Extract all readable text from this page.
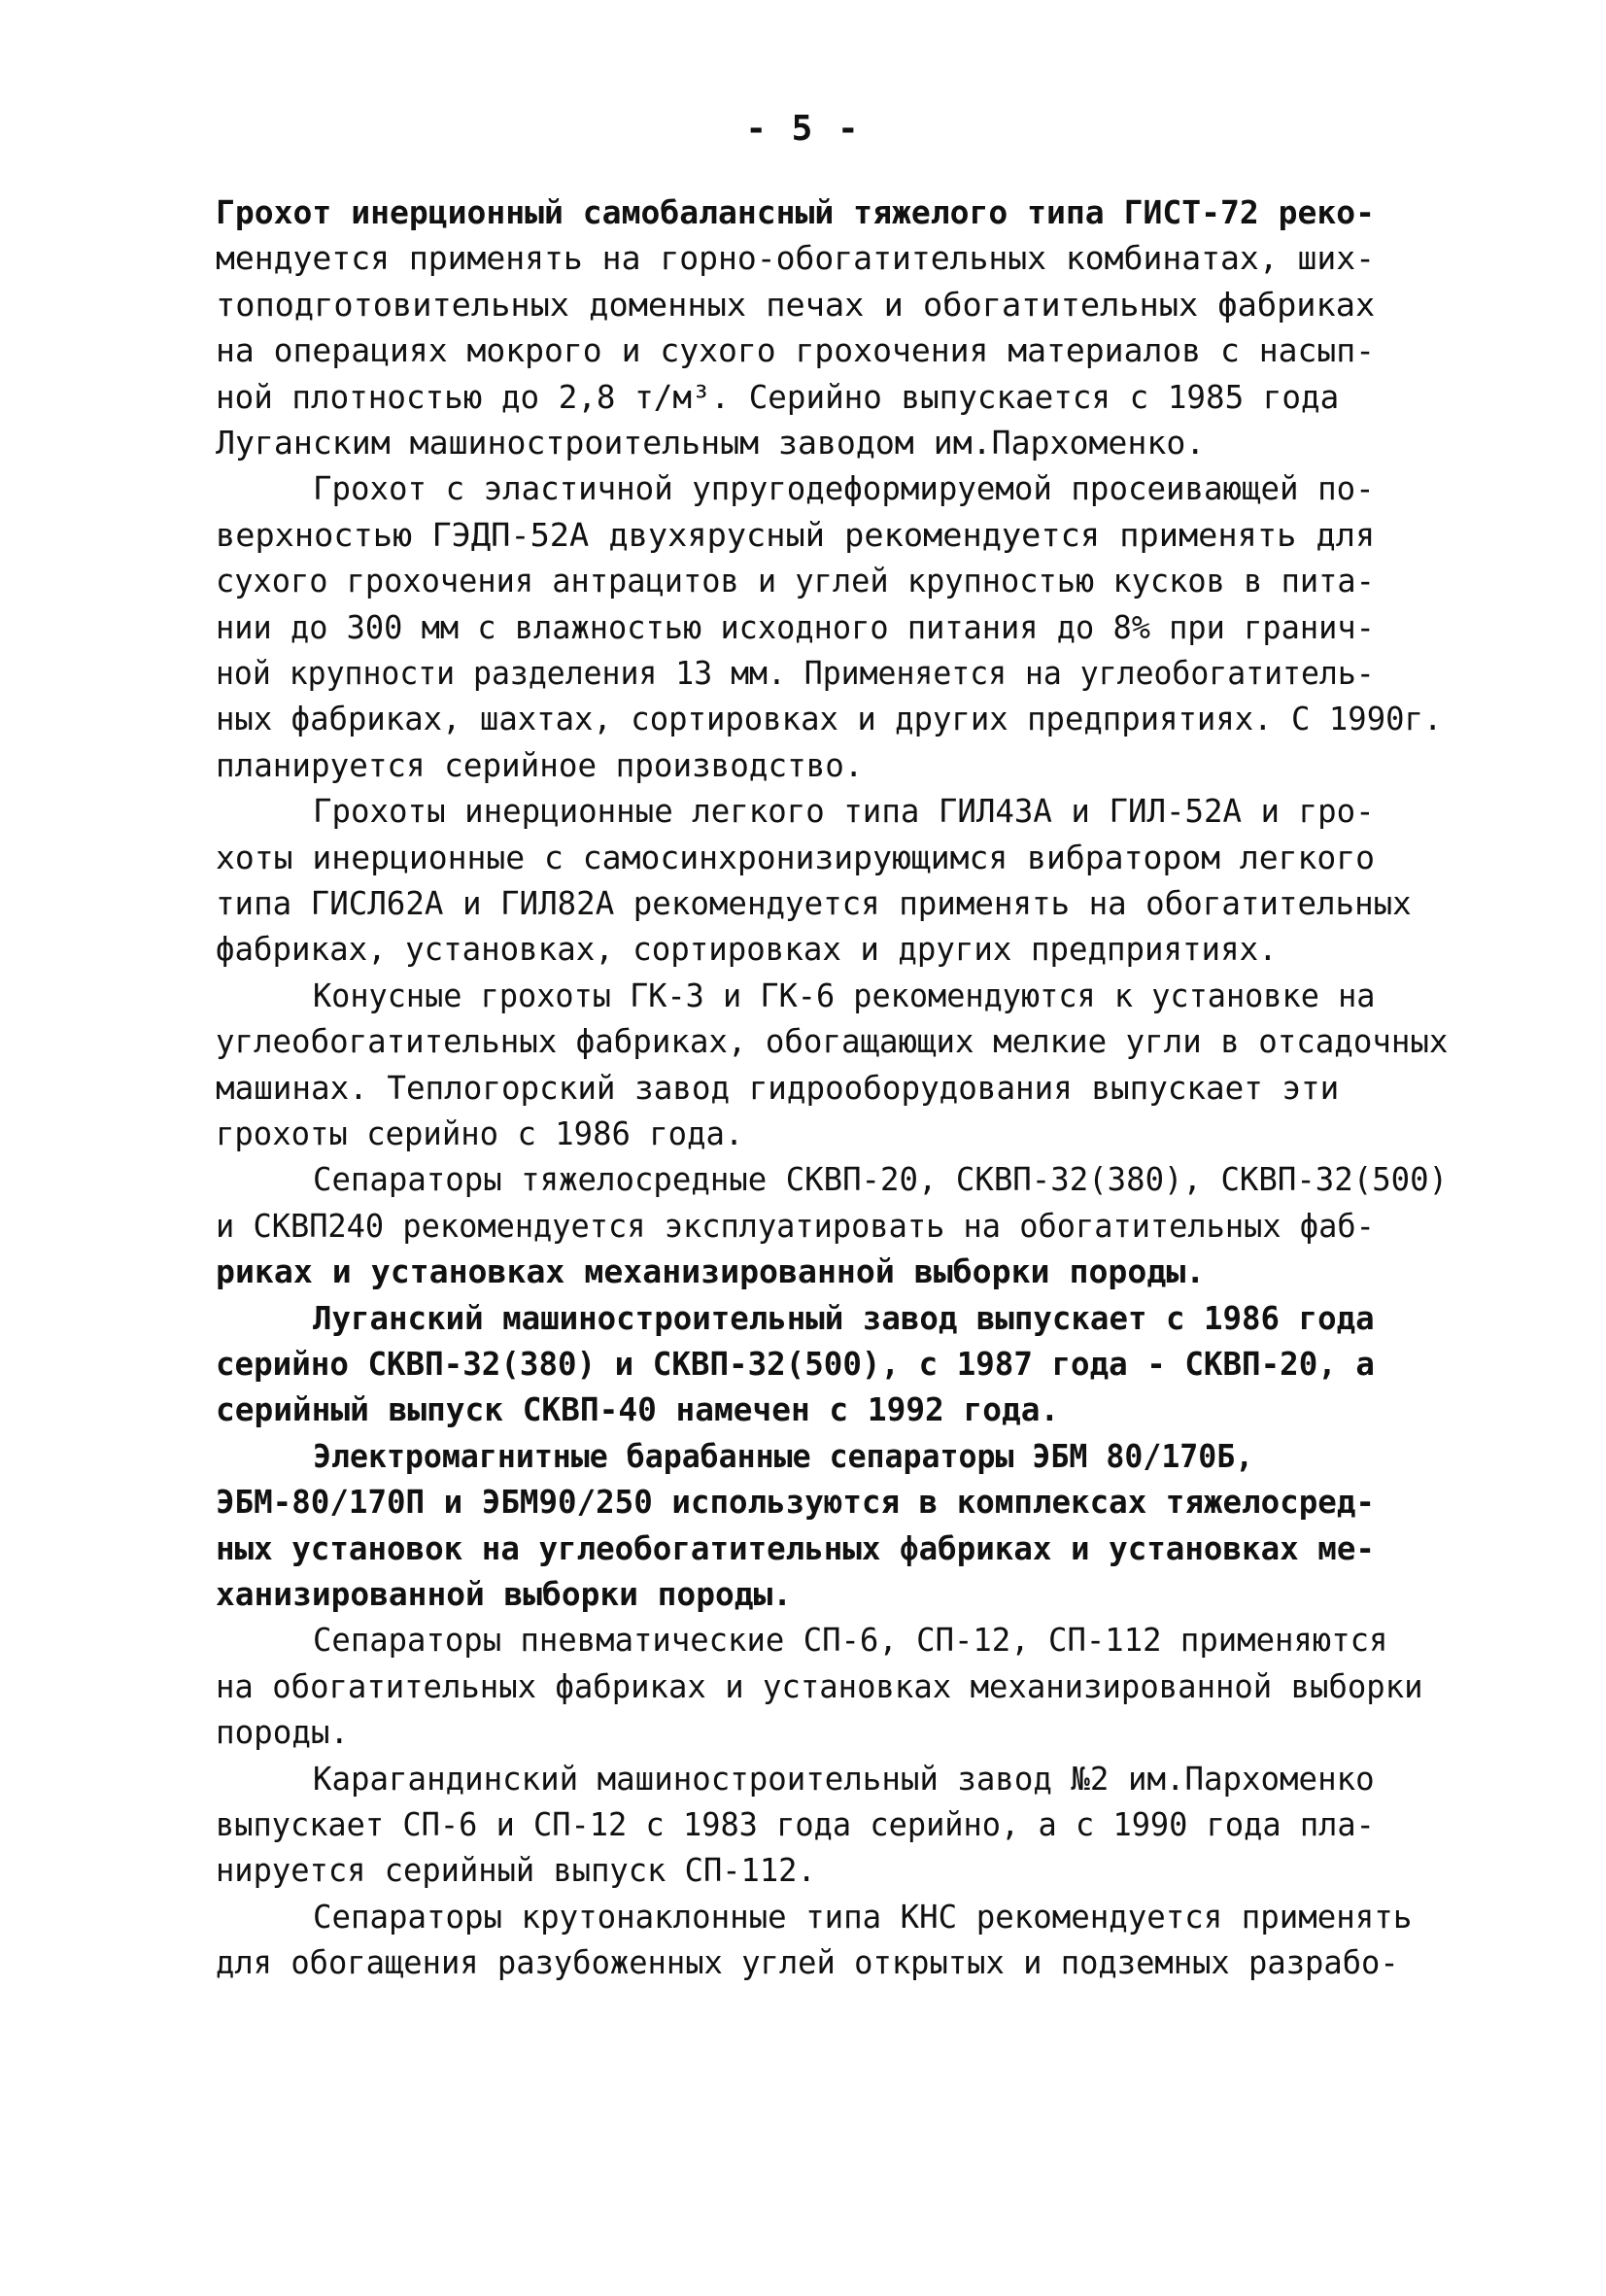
- 5 -
Грохот инерционный самобалансный тяжелого типа ГИСТ-72 реко-
мендуется применять на горно-обогатительных комбинатах, ших-
топодготовительных доменных печах и обогатительных фабриках
на операциях мокрого и сухого грохочения материалов с насып-
ной плотностью до 2,8 т/м³. Серийно выпускается с 1985 года
Луганским машиностроительным заводом им.Пархоменко.
Грохот с эластичной упругодеформируемой просеивающей по-
верхностью ГЭДП-52А двухярусный рекомендуется применять для
сухого грохочения антрацитов и углей крупностью кусков в пита-
нии до 300 мм с влажностью исходного питания до 8% при гранич-
ной крупности разделения 13 мм. Применяется на углеобогатитель-
ных фабриках, шахтах, сортировках и других предприятиях. С 1990г.
планируется серийное производство.
Грохоты инерционные легкого типа ГИЛ43А и ГИЛ-52А и гро-
хоты инерционные с самосинхронизирующимся вибратором легкого
типа ГИСЛ62А и ГИЛ82А рекомендуется применять на обогатительных
фабриках, установках, сортировках и других предприятиях.
Конусные грохоты ГК-3 и ГК-6 рекомендуются к установке на
углеобогатительных фабриках, обогащающих мелкие угли в отсадочных
машинах. Теплогорский завод гидрооборудования выпускает эти
грохоты серийно с 1986 года.
Сепараторы тяжелосредные СКВП-20, СКВП-32(380), СКВП-32(500)
и СКВП240 рекомендуется эксплуатировать на обогатительных фаб-
риках и установках механизированной выборки породы.
Луганский машиностроительный завод выпускает с 1986 года
серийно СКВП-32(380) и СКВП-32(500), с 1987 года - СКВП-20, а
серийный выпуск СКВП-40 намечен с 1992 года.
Электромагнитные барабанные сепараторы ЭБМ 80/170Б,
ЭБМ-80/170П и ЭБМ90/250 используются в комплексах тяжелосред-
ных установок на углеобогатительных фабриках и установках ме-
ханизированной выборки породы.
Сепараторы пневматические СП-6, СП-12, СП-112 применяются
на обогатительных фабриках и установках механизированной выборки
породы.
Карагандинский машиностроительный завод №2 им.Пархоменко
выпускает СП-6 и СП-12 с 1983 года серийно, а с 1990 года пла-
нируется серийный выпуск СП-112.
Сепараторы крутонаклонные типа КНС рекомендуется применять
для обогащения разубоженных углей открытых и подземных разрабо-
